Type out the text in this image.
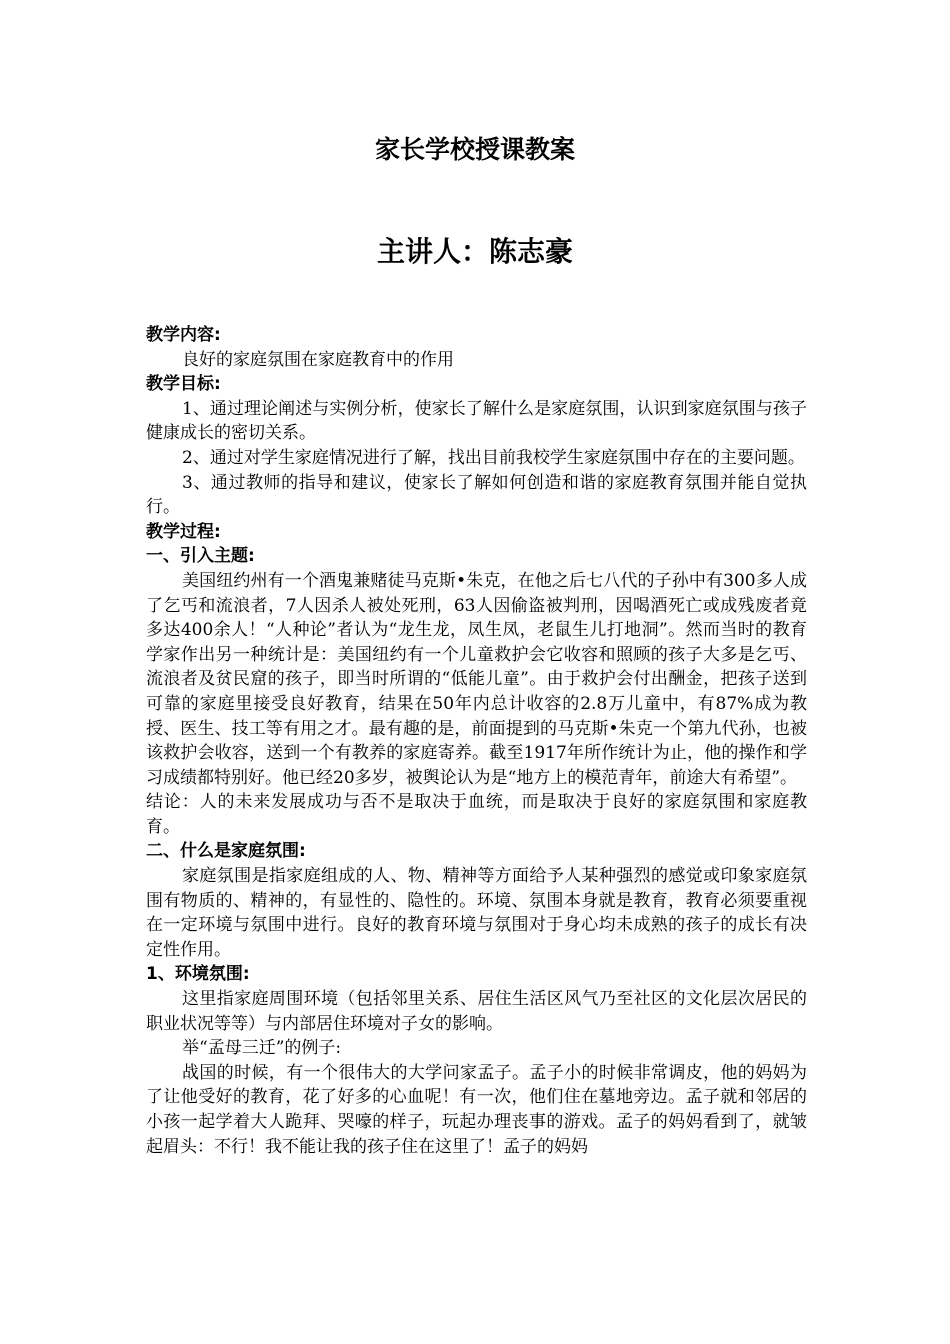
家长学校授课教案
主讲人：陈志豪

教学内容:

良好的家庭氛围在家庭教育中的作用

教学目标:

1、通过理论阐述与实例分析，使家长了解什么是家庭氛围，认识到家庭氛围与孩子健康成长的密切关系。

2、通过对学生家庭情况进行了解，找出目前我校学生家庭氛围中存在的主要问题。

3、通过教师的指导和建议，使家长了解如何创造和谐的家庭教育氛围并能自觉执行。

教学过程:

一、引入主题:

美国纽约州有一个酒鬼兼赌徒马克斯•朱克，在他之后七八代的子孙中有300多人成了乞丐和流浪者，7人因杀人被处死刑，63人因偷盗被判刑，因喝酒死亡或成残废者竟多达400余人！“人种论”者认为“龙生龙，凤生凤，老鼠生儿打地洞”。然而当时的教育学家作出另一种统计是：美国纽约有一个儿童救护会它收容和照顾的孩子大多是乞丐、流浪者及贫民窟的孩子，即当时所谓的“低能儿童”。由于救护会付出酬金，把孩子送到可靠的家庭里接受良好教育，结果在50年内总计收容的2.8万儿童中，有87%成为教授、医生、技工等有用之才。最有趣的是，前面提到的马克斯•朱克一个第九代孙，也被该救护会收容，送到一个有教养的家庭寄养。截至1917年所作统计为止，他的操作和学习成绩都特别好。他已经20多岁，被舆论认为是“地方上的模范青年，前途大有希望”。

结论：人的未来发展成功与否不是取决于血统，而是取决于良好的家庭氛围和家庭教育。

二、什么是家庭氛围:

家庭氛围是指家庭组成的人、物、精神等方面给予人某种强烈的感觉或印象家庭氛围有物质的、精神的，有显性的、隐性的。环境、氛围本身就是教育，教育必须要重视在一定环境与氛围中进行。良好的教育环境与氛围对于身心均未成熟的孩子的成长有决定性作用。

1、环境氛围:

这里指家庭周围环境（包括邻里关系、居住生活区风气乃至社区的文化层次居民的职业状况等等）与内部居住环境对子女的影响。

举“孟母三迁”的例子:

战国的时候，有一个很伟大的大学问家孟子。孟子小的时候非常调皮，他的妈妈为了让他受好的教育，花了好多的心血呢！有一次，他们住在墓地旁边。孟子就和邻居的小孩一起学着大人跪拜、哭嚎的样子，玩起办理丧事的游戏。孟子的妈妈看到了，就皱起眉头：不行！我不能让我的孩子住在这里了！孟子的妈妈
